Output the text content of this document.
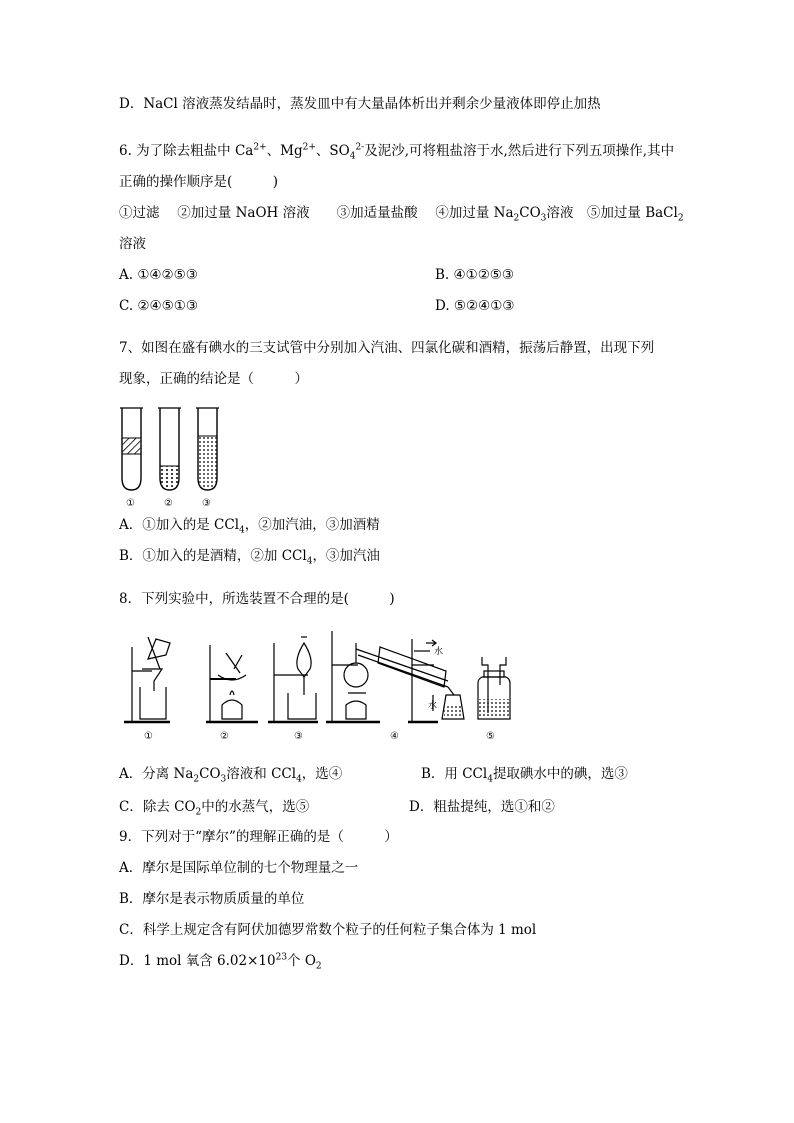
D．NaCl 溶液蒸发结晶时，蒸发皿中有大量晶体析出并剩余少量液体即停止加热
6. 为了除去粗盐中 $Ca^{2+}$、$Mg^{2+}$、$SO_4^{2-}$及泥沙,可将粗盐溶于水,然后进行下列五项操作,其中
正确的操作顺序是(　　　)
①过滤　 ②加过量 NaOH 溶液　　③加适量盐酸　 ④加过量 $Na_2CO_3$溶液　⑤加过量 BaCl$_2$
溶液
A. ①④②⑤③	B. ④①②⑤③
C. ②④⑤①③	D. ⑤②④①③
7、如图在盛有碘水的三支试管中分别加入汽油、四氯化碳和酒精，振荡后静置，出现下列
现象，正确的结论是（　　　）
①	②	③
A．①加入的是 CCl$_4$，②加汽油，③加酒精
B．①加入的是酒精，②加 CCl$_4$，③加汽油
8．下列实验中，所选装置不合理的是(　　　)
水
水
①	②	③	④	⑤
A．分离 $Na_2CO_3$溶液和 CCl$_4$，选④	B．用 CCl$_4$提取碘水中的碘，选③
C．除去 $CO_2$中的水蒸气，选⑤	D．粗盐提纯，选①和②
9．下列对于“摩尔”的理解正确的是（　　　）
A．摩尔是国际单位制的七个物理量之一
B．摩尔是表示物质质量的单位
C．科学上规定含有阿伏加德罗常数个粒子的任何粒子集合体为 1 mol
D．1 mol 氧含 $6.02\times 10^{23}$个 $O_2$
